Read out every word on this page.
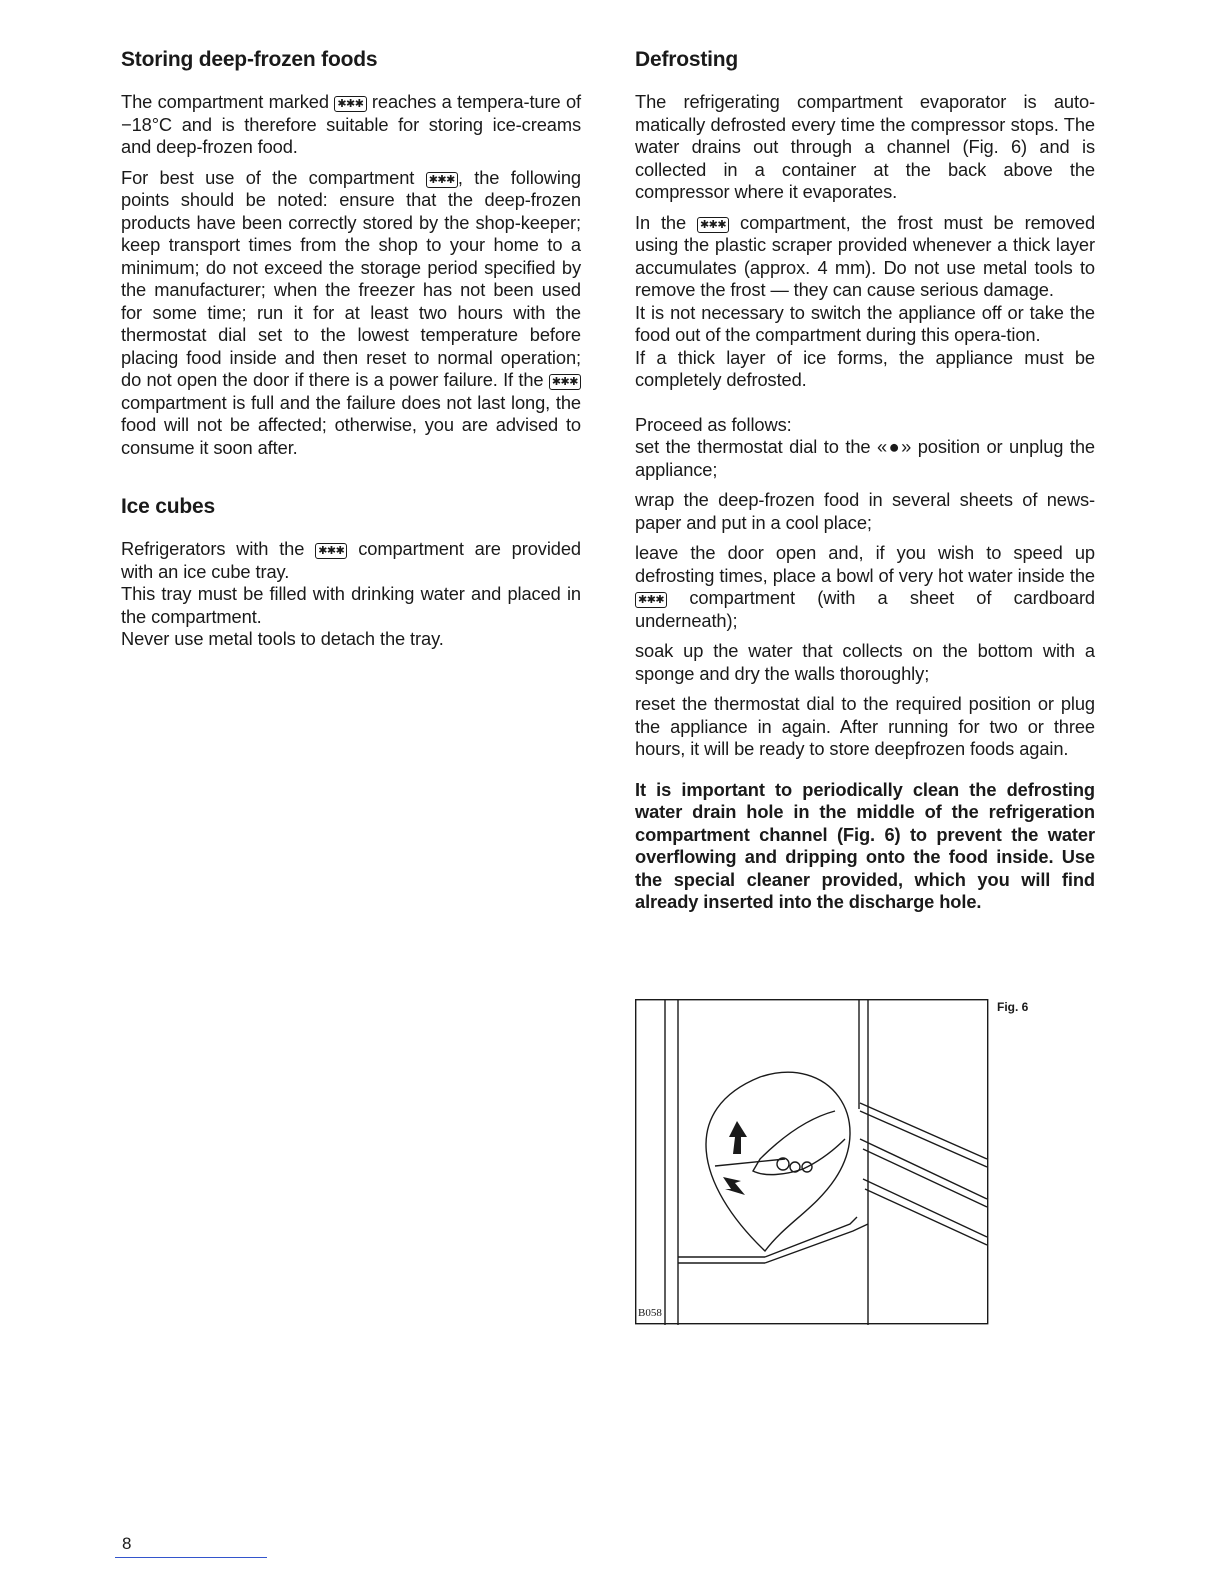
Storing deep-frozen foods

The compartment marked ✱✱✱ reaches a tempera-ture of −18°C and is therefore suitable for storing ice-creams and deep-frozen food.

For best use of the compartment ✱✱✱ , the following points should be noted: ensure that the deep-frozen products have been correctly stored by the shop-keeper; keep transport times from the shop to your home to a minimum; do not exceed the storage period specified by the manufacturer; when the freezer has not been used for some time; run it for at least two hours with the thermostat dial set to the lowest temperature before placing food inside and then reset to normal operation; do not open the door if there is a power failure. If the ✱✱✱ compartment is full and the failure does not last long, the food will not be affected; otherwise, you are advised to consume it soon after.

Ice cubes

Refrigerators with the ✱✱✱ compartment are provided with an ice cube tray.

This tray must be filled with drinking water and placed in the compartment.

Never use metal tools to detach the tray.

Defrosting

The refrigerating compartment evaporator is auto-matically defrosted every time the compressor stops. The water drains out through a channel (Fig. 6) and is collected in a container at the back above the compressor where it evaporates.

In the ✱✱✱ compartment, the frost must be removed using the plastic scraper provided whenever a thick layer accumulates (approx. 4 mm). Do not use metal tools to remove the frost — they can cause serious damage.

It is not necessary to switch the appliance off or take the food out of the compartment during this opera-tion.

If a thick layer of ice forms, the appliance must be completely defrosted.

Proceed as follows:

set the thermostat dial to the «●» position or unplug the appliance;

wrap the deep-frozen food in several sheets of news-paper and put in a cool place;

leave the door open and, if you wish to speed up defrosting times, place a bowl of very hot water inside the ✱✱✱ compartment (with a sheet of cardboard underneath);

soak up the water that collects on the bottom with a sponge and dry the walls thoroughly;

reset the thermostat dial to the required position or plug the appliance in again. After running for two or three hours, it will be ready to store deepfrozen foods again.

It is important to periodically clean the defrosting water drain hole in the middle of the refrigeration compartment channel (Fig. 6) to prevent the water overflowing and dripping onto the food inside. Use the special cleaner provided, which you will find already inserted into the discharge hole.

B058
Fig. 6
8
